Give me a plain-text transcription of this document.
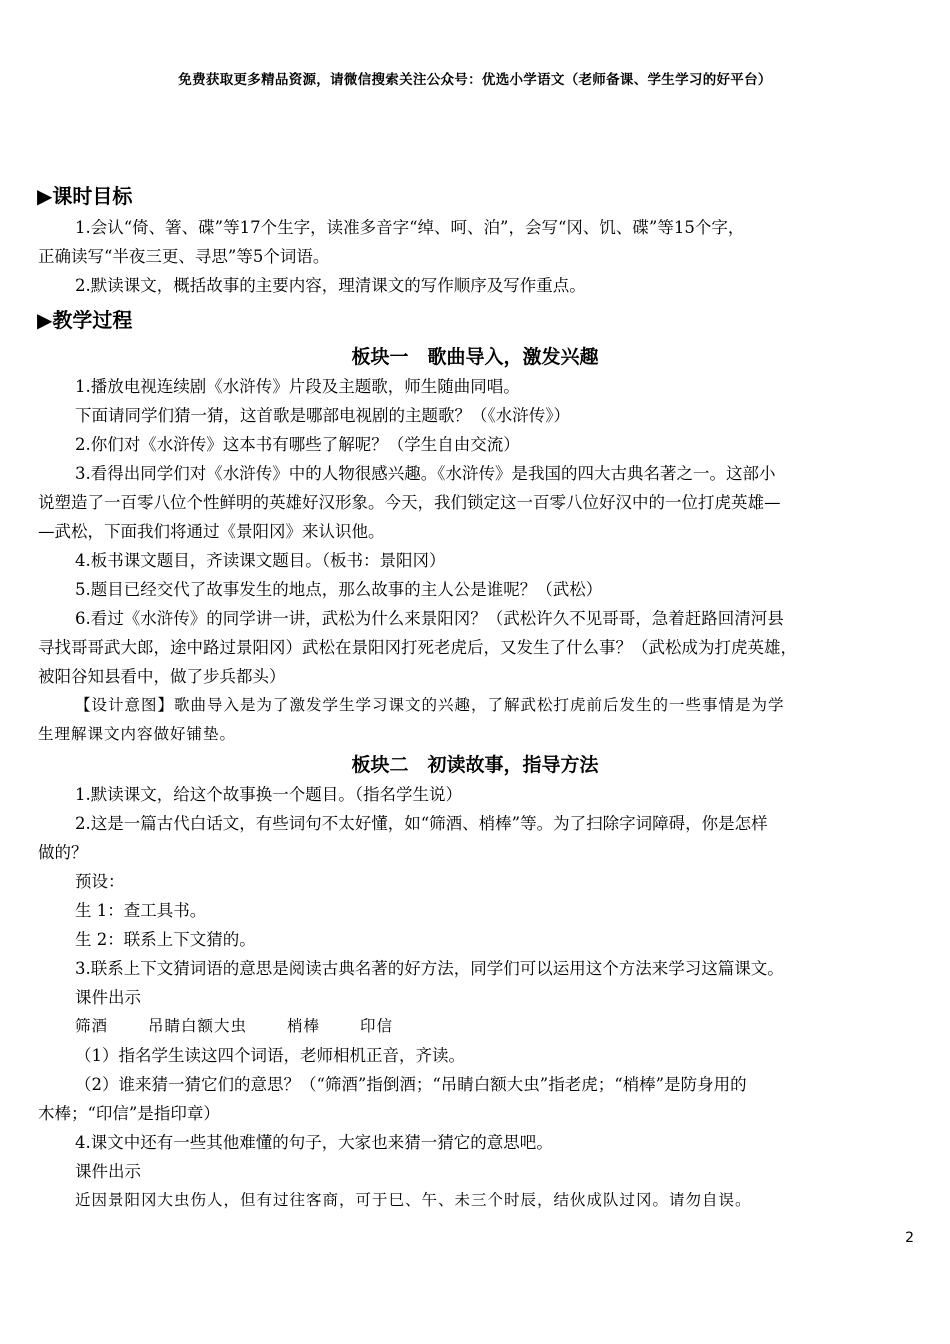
免费获取更多精品资源，请微信搜索关注公众号：优选小学语文（老师备课、学生学习的好平台）
▶课时目标
1.会认“倚、箸、碟”等17个生字，读准多音字“绰、呵、泊”，会写“冈、饥、碟”等15个字，
正确读写“半夜三更、寻思”等5个词语。
2.默读课文，概括故事的主要内容，理清课文的写作顺序及写作重点。
▶教学过程
板块一　歌曲导入，激发兴趣
1.播放电视连续剧《水浒传》片段及主题歌，师生随曲同唱。
下面请同学们猜一猜，这首歌是哪部电视剧的主题歌？（《水浒传》）
2.你们对《水浒传》这本书有哪些了解呢？（学生自由交流）
3.看得出同学们对《水浒传》中的人物很感兴趣。《水浒传》是我国的四大古典名著之一。这部小
说塑造了一百零八位个性鲜明的英雄好汉形象。今天，我们锁定这一百零八位好汉中的一位打虎英雄—
—武松，下面我们将通过《景阳冈》来认识他。
4.板书课文题目，齐读课文题目。（板书：景阳冈）
5.题目已经交代了故事发生的地点，那么故事的主人公是谁呢？（武松）
6.看过《水浒传》的同学讲一讲，武松为什么来景阳冈？（武松许久不见哥哥，急着赶路回清河县
寻找哥哥武大郎，途中路过景阳冈）武松在景阳冈打死老虎后，又发生了什么事？（武松成为打虎英雄，
被阳谷知县看中，做了步兵都头）
【设计意图】歌曲导入是为了激发学生学习课文的兴趣，了解武松打虎前后发生的一些事情是为学
生理解课文内容做好铺垫。
板块二　初读故事，指导方法
1.默读课文，给这个故事换一个题目。（指名学生说）
2.这是一篇古代白话文，有些词句不太好懂，如“筛酒、梢棒”等。为了扫除字词障碍，你是怎样
做的？
预设：
生 1：查工具书。
生 2：联系上下文猜的。
3.联系上下文猜词语的意思是阅读古典名著的好方法，同学们可以运用这个方法来学习这篇课文。
课件出示
筛酒	吊睛白额大虫	梢棒	印信
（1）指名学生读这四个词语，老师相机正音，齐读。
（2）谁来猜一猜它们的意思？（“筛酒”指倒酒；“吊睛白额大虫”指老虎；“梢棒”是防身用的
木棒；“印信”是指印章）
4.课文中还有一些其他难懂的句子，大家也来猜一猜它的意思吧。
课件出示
近因景阳冈大虫伤人，但有过往客商，可于巳、午、未三个时辰，结伙成队过冈。请勿自误。
2
